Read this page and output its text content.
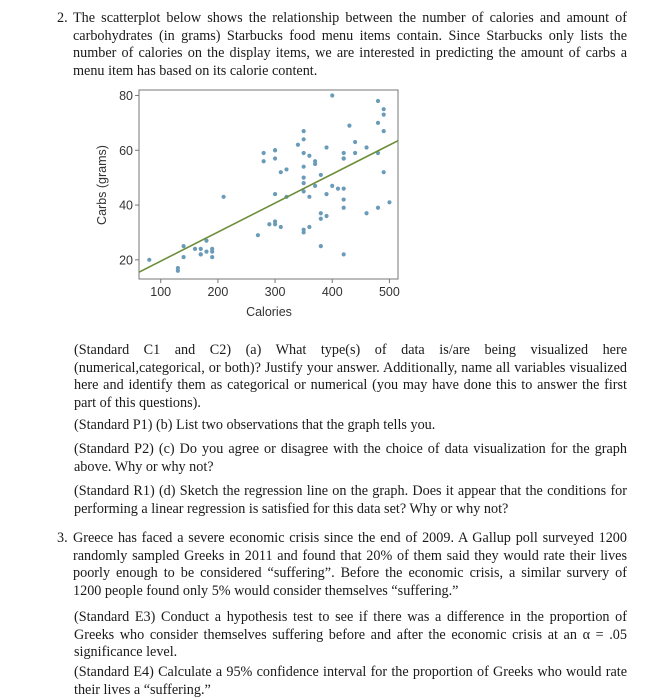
2. The scatterplot below shows the relationship between the number of calories and amount of carbohydrates (in grams) Starbucks food menu items contain. Since Starbucks only lists the number of calories on the display items, we are interested in predicting the amount of carbs a menu item has based on its calorie content.
20
40
60
80
100	200	300	400	500
Carbs (grams)
Calories
(Standard C1 and C2) (a) What type(s) of data is/are being visualized here (numerical,categorical, or both)? Justify your answer. Additionally, name all variables visualized here and identify them as categorical or numerical (you may have done this to answer the first part of this questions).
(Standard P1) (b) List two observations that the graph tells you.
(Standard P2) (c) Do you agree or disagree with the choice of data visualization for the graph above. Why or why not?
(Standard R1) (d) Sketch the regression line on the graph. Does it appear that the conditions for performing a linear regression is satisfied for this data set? Why or why not?
3. Greece has faced a severe economic crisis since the end of 2009. A Gallup poll surveyed 1200 randomly sampled Greeks in 2011 and found that 20% of them said they would rate their lives poorly enough to be considered “suffering”. Before the economic crisis, a similar survery of 1200 people found only 5% would consider themselves “suffering.”
(Standard E3) Conduct a hypothesis test to see if there was a difference in the proportion of Greeks who consider themselves suffering before and after the economic crisis at an α = .05 significance level.
(Standard E4) Calculate a 95% confidence interval for the proportion of Greeks who would rate their lives a “suffering.”
